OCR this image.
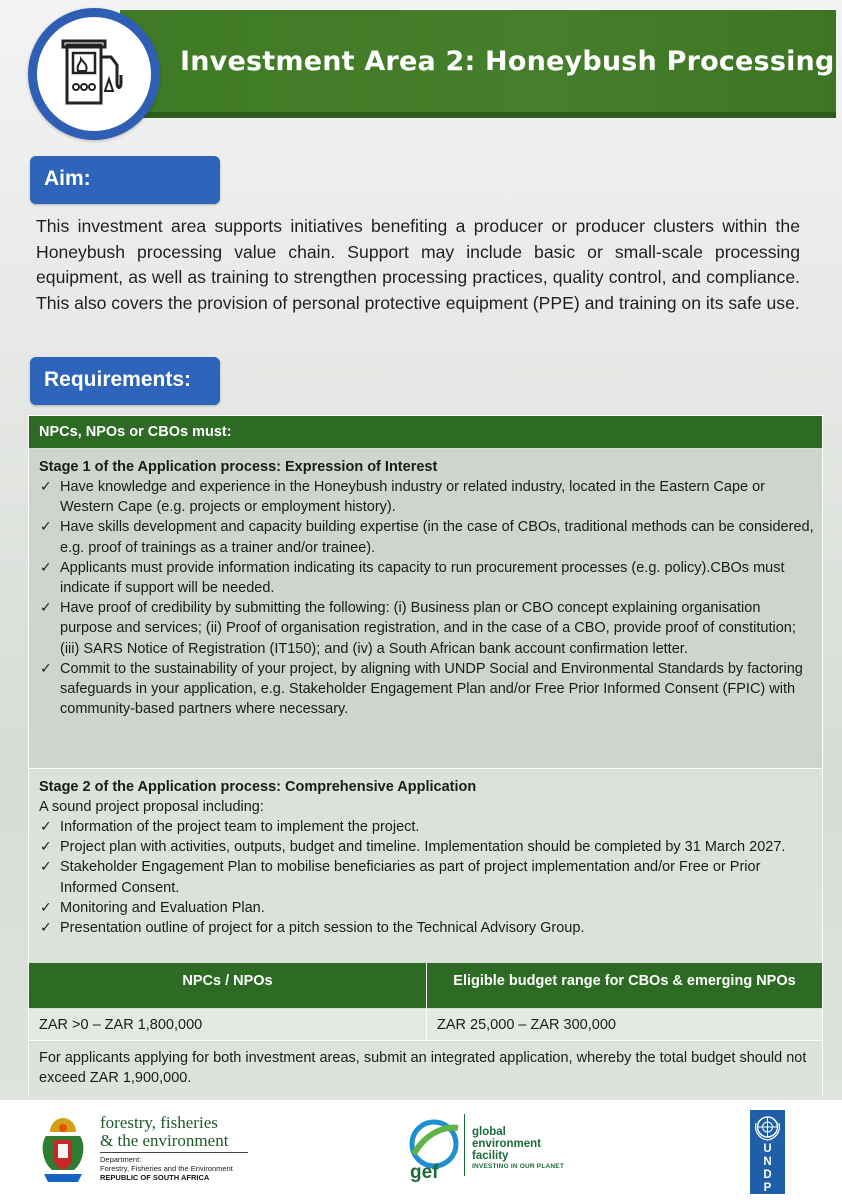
Investment Area 2: Honeybush Processing
Aim:

This investment area supports initiatives benefiting a producer or producer clusters within the Honeybush processing value chain. Support may include basic or small-scale processing equipment, as well as training to strengthen processing practices, quality control, and compliance. This also covers the provision of personal protective equipment (PPE) and training on its safe use.

Requirements:
NPCs, NPOs or CBOs must:
Stage 1 of the Application process: Expression of Interest
✓ Have knowledge and experience in the Honeybush industry or related industry, located in the Eastern Cape or Western Cape (e.g. projects or employment history).
✓ Have skills development and capacity building expertise (in the case of CBOs, traditional methods can be considered, e.g. proof of trainings as a trainer and/or trainee).
✓ Applicants must provide information indicating its capacity to run procurement processes (e.g. policy).CBOs must indicate if support will be needed.
✓ Have proof of credibility by submitting the following: (i) Business plan or CBO concept explaining organisation purpose and services; (ii) Proof of organisation registration, and in the case of a CBO, provide proof of constitution; (iii) SARS Notice of Registration (IT150); and (iv) a South African bank account confirmation letter.
✓ Commit to the sustainability of your project, by aligning with UNDP Social and Environmental Standards by factoring safeguards in your application, e.g. Stakeholder Engagement Plan and/or Free Prior Informed Consent (FPIC) with community-based partners where necessary.
Stage 2 of the Application process: Comprehensive Application
A sound project proposal including:
✓ Information of the project team to implement the project.
✓ Project plan with activities, outputs, budget and timeline. Implementation should be completed by 31 March 2027.
✓ Stakeholder Engagement Plan to mobilise beneficiaries as part of project implementation and/or Free or Prior Informed Consent.
✓ Monitoring and Evaluation Plan.
✓ Presentation outline of project for a pitch session to the Technical Advisory Group.
NPCs / NPOs	Eligible budget range for CBOs & emerging NPOs
ZAR >0 – ZAR 1,800,000	ZAR 25,000 – ZAR 300,000
For applicants applying for both investment areas, submit an integrated application, whereby the total budget should not exceed ZAR 1,900,000.
forestry, fisheries
& the environment
Department:
Forestry, Fisheries and the Environment
REPUBLIC OF SOUTH AFRICA	gef
global
environment
facility
INVESTING IN OUR PLANET
U
N
D
P
